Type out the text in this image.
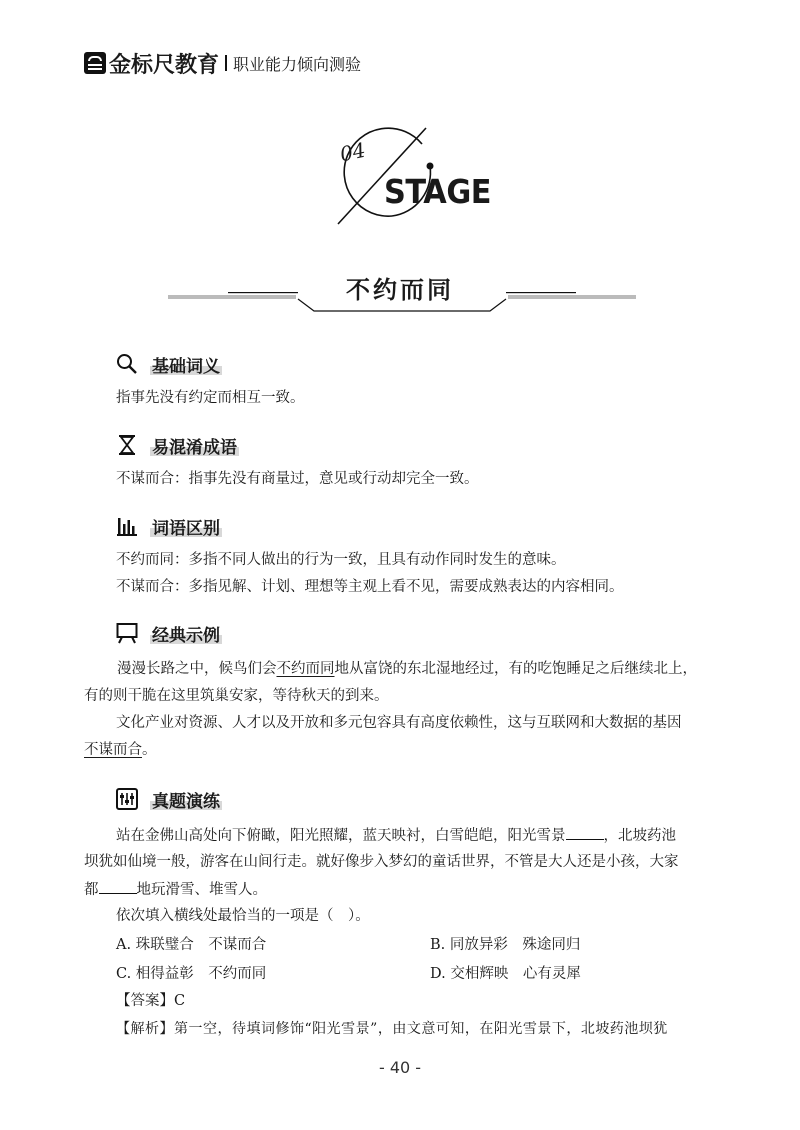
金标尺教育 职业能力倾向测验
04
STAGE
不约而同
基础词义
指事先没有约定而相互一致。
易混淆成语
不谋而合：指事先没有商量过，意见或行动却完全一致。
词语区别
不约而同：多指不同人做出的行为一致，且具有动作同时发生的意味。
不谋而合：多指见解、计划、理想等主观上看不见，需要成熟表达的内容相同。
经典示例
漫漫长路之中，候鸟们会不约而同地从富饶的东北湿地经过，有的吃饱睡足之后继续北上，
有的则干脆在这里筑巢安家，等待秋天的到来。
文化产业对资源、人才以及开放和多元包容具有高度依赖性，这与互联网和大数据的基因
不谋而合。
真题演练
站在金佛山高处向下俯瞰，阳光照耀，蓝天映衬，白雪皑皑，阳光雪景	，北坡药池
坝犹如仙境一般，游客在山间行走。就好像步入梦幻的童话世界，不管是大人还是小孩，大家
都	地玩滑雪、堆雪人。
依次填入横线处最恰当的一项是（　）。
A. 珠联璧合　不谋而合	B. 同放异彩　殊途同归
C. 相得益彰　不约而同	D. 交相辉映　心有灵犀
【答案】C
【解析】第一空，待填词修饰“阳光雪景”，由文意可知，在阳光雪景下，北坡药池坝犹
- 40 -
